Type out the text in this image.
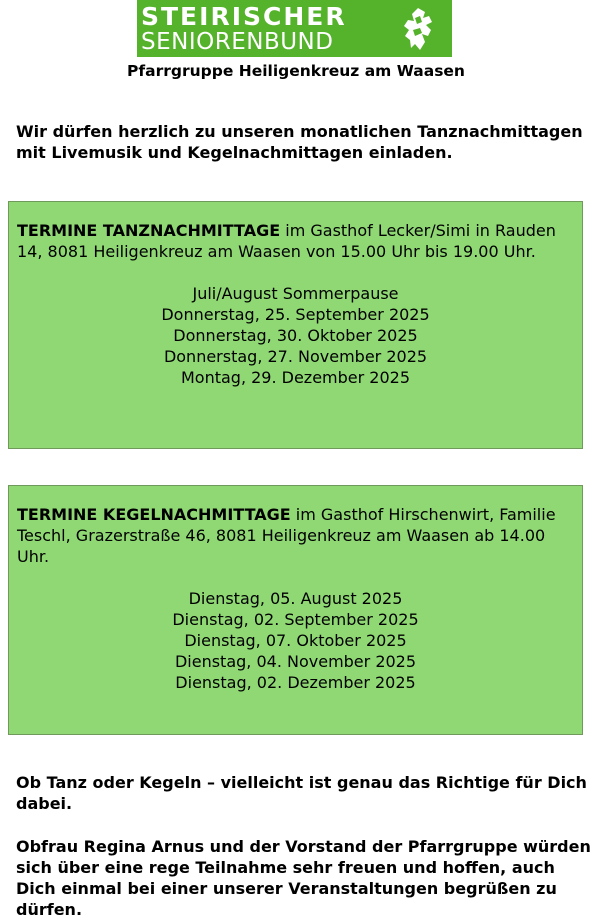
STEIRISCHER
SENIORENBUND
Pfarrgruppe Heiligenkreuz am Waasen

Wir dürfen herzlich zu unseren monatlichen Tanznachmittagen mit Livemusik und Kegelnachmittagen einladen.

TERMINE TANZNACHMITTAGE im Gasthof Lecker/Simi in Rauden 14, 8081 Heiligenkreuz am Waasen von 15.00 Uhr bis 19.00 Uhr.

Juli/August Sommerpause
Donnerstag, 25. September 2025
Donnerstag, 30. Oktober 2025
Donnerstag, 27. November 2025
Montag, 29. Dezember 2025

TERMINE KEGELNACHMITTAGE im Gasthof Hirschenwirt, Familie Teschl, Grazerstraße 46, 8081 Heiligenkreuz am Waasen ab 14.00 Uhr.

Dienstag, 05. August 2025
Dienstag, 02. September 2025
Dienstag, 07. Oktober 2025
Dienstag, 04. November 2025
Dienstag, 02. Dezember 2025

Ob Tanz oder Kegeln – vielleicht ist genau das Richtige für Dich dabei.

Obfrau Regina Arnus und der Vorstand der Pfarrgruppe würden sich über eine rege Teilnahme sehr freuen und hoffen, auch Dich einmal bei einer unserer Veranstaltungen begrüßen zu dürfen.
